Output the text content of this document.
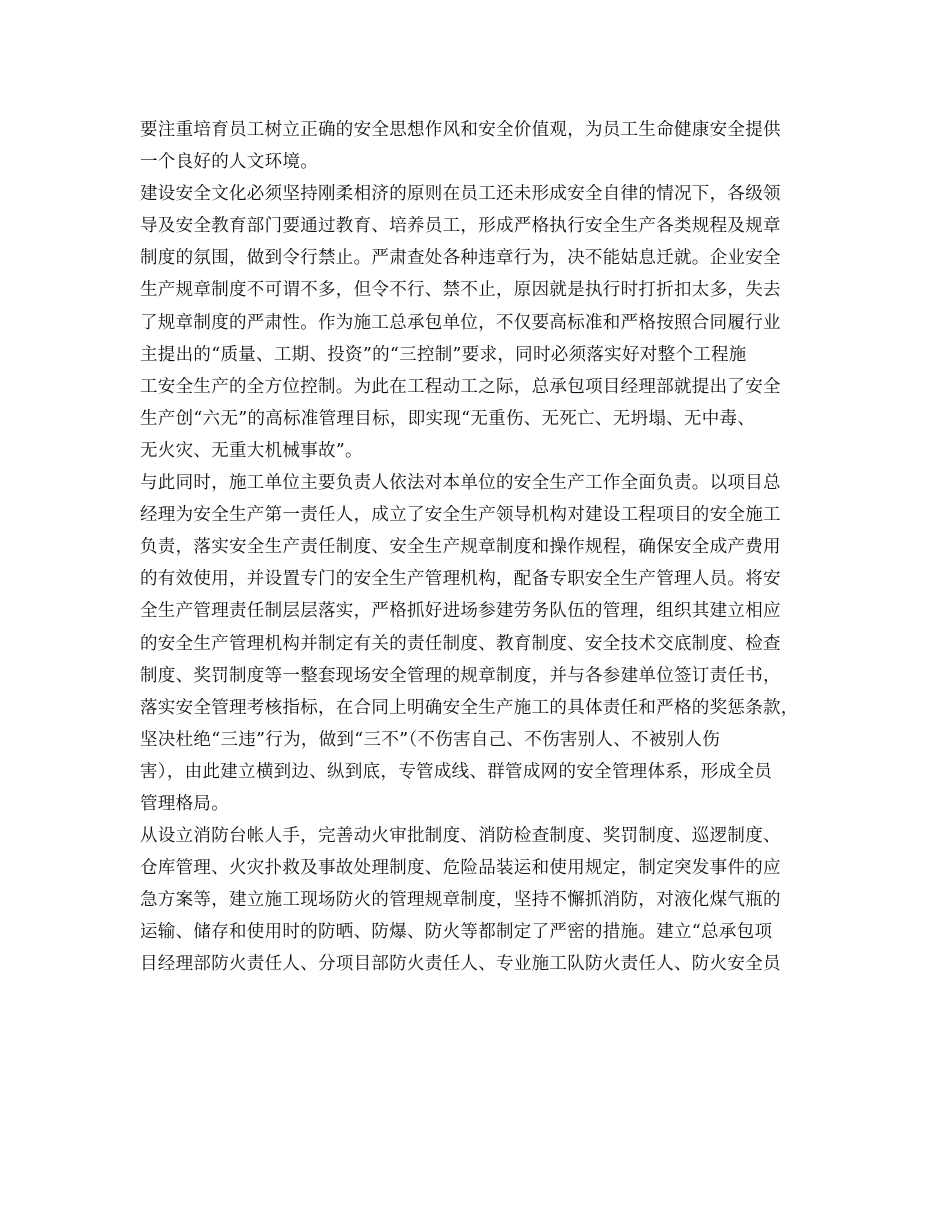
要注重培育员工树立正确的安全思想作风和安全价值观，为员工生命健康安全提供
一个良好的人文环境。
建设安全文化必须坚持刚柔相济的原则在员工还未形成安全自律的情况下，各级领
导及安全教育部门要通过教育、培养员工，形成严格执行安全生产各类规程及规章
制度的氛围，做到令行禁止。严肃查处各种违章行为，决不能姑息迁就。企业安全
生产规章制度不可谓不多，但令不行、禁不止，原因就是执行时打折扣太多，失去
了规章制度的严肃性。作为施工总承包单位，不仅要高标准和严格按照合同履行业
主提出的“质量、工期、投资”的“三控制”要求，同时必须落实好对整个工程施
工安全生产的全方位控制。为此在工程动工之际，总承包项目经理部就提出了安全
生产创“六无”的高标准管理目标，即实现“无重伤、无死亡、无坍塌、无中毒、
无火灾、无重大机械事故”。
与此同时，施工单位主要负责人依法对本单位的安全生产工作全面负责。以项目总
经理为安全生产第一责任人，成立了安全生产领导机构对建设工程项目的安全施工
负责，落实安全生产责任制度、安全生产规章制度和操作规程，确保安全成产费用
的有效使用，并设置专门的安全生产管理机构，配备专职安全生产管理人员。将安
全生产管理责任制层层落实，严格抓好进场参建劳务队伍的管理，组织其建立相应
的安全生产管理机构并制定有关的责任制度、教育制度、安全技术交底制度、检查
制度、奖罚制度等一整套现场安全管理的规章制度，并与各参建单位签订责任书，
落实安全管理考核指标，在合同上明确安全生产施工的具体责任和严格的奖惩条款，
坚决杜绝“三违”行为，做到“三不”（不伤害自己、不伤害别人、不被别人伤
害），由此建立横到边、纵到底，专管成线、群管成网的安全管理体系，形成全员
管理格局。
从设立消防台帐人手，完善动火审批制度、消防检查制度、奖罚制度、巡逻制度、
仓库管理、火灾扑救及事故处理制度、危险品装运和使用规定，制定突发事件的应
急方案等，建立施工现场防火的管理规章制度，坚持不懈抓消防，对液化煤气瓶的
运输、储存和使用时的防晒、防爆、防火等都制定了严密的措施。建立“总承包项
目经理部防火责任人、分项目部防火责任人、专业施工队防火责任人、防火安全员
